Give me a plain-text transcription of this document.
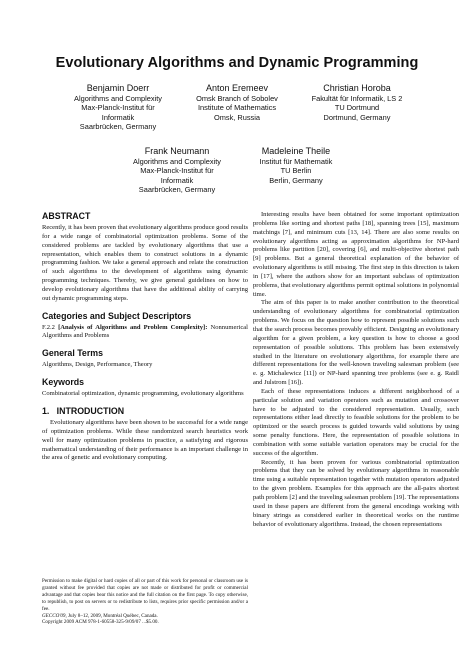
Evolutionary Algorithms and Dynamic Programming
Benjamin Doerr
Algorithms and Complexity
Max-Planck-Institut für
Informatik
Saarbrücken, Germany
Anton Eremeev
Omsk Branch of Sobolev
Institute of Mathematics
Omsk, Russia
Christian Horoba
Fakultät für Informatik, LS 2
TU Dortmund
Dortmund, Germany
Frank Neumann
Algorithms and Complexity
Max-Planck-Institut für
Informatik
Saarbrücken, Germany
Madeleine Theile
Institut für Mathematik
TU Berlin
Berlin, Germany
ABSTRACT

Recently, it has been proven that evolutionary algorithms produce good results for a wide range of combinatorial optimization problems. Some of the considered problems are tackled by evolutionary algorithms that use a representation, which enables them to construct solutions in a dynamic programming fashion. We take a general approach and relate the construction of such algorithms to the development of algorithms using dynamic programming techniques. Thereby, we give general guidelines on how to develop evolutionary algorithms that have the additional ability of carrying out dynamic programming steps.

Categories and Subject Descriptors

F.2.2 [Analysis of Algorithms and Problem Complexity]: Nonnumerical Algorithms and Problems

General Terms

Algorithms, Design, Performance, Theory

Keywords

Combinatorial optimization, dynamic programming, evolutionary algorithms

1.   INTRODUCTION

Evolutionary algorithms have been shown to be successful for a wide range of optimization problems. While these randomized search heuristics work well for many optimization problems in practice, a satisfying and rigorous mathematical understanding of their performance is an important challenge in the area of genetic and evolutionary computing.

Permission to make digital or hard copies of all or part of this work for personal or classroom use is granted without fee provided that copies are not made or distributed for profit or commercial advantage and that copies bear this notice and the full citation on the first page. To copy otherwise, to republish, to post on servers or to redistribute to lists, requires prior specific permission and/or a fee.
GECCO'09, July 8–12, 2009, Montréal Québec, Canada.
Copyright 2009 ACM 978-1-60558-325-9/09/07 ...$5.00.

Interesting results have been obtained for some important optimization problems like sorting and shortest paths [18], spanning trees [15], maximum matchings [7], and minimum cuts [13, 14]. There are also some results on evolutionary algorithms acting as approximation algorithms for NP-hard problems like partition [20], covering [6], and multi-objective shortest path [9] problems. But a general theoretical explanation of the behavior of evolutionary algorithms is still missing. The first step in this direction is taken in [17], where the authors show for an important subclass of optimization problems, that evolutionary algorithms permit optimal solutions in polynomial time.

The aim of this paper is to make another contribution to the theoretical understanding of evolutionary algorithms for combinatorial optimization problems. We focus on the question how to represent possible solutions such that the search process becomes provably efficient. Designing an evolutionary algorithm for a given problem, a key question is how to choose a good representation of possible solutions. This problem has been extensively studied in the literature on evolutionary algorithms, for example there are different representations for the well-known traveling salesman problem (see e. g. Michalewicz [11]) or NP-hard spanning tree problems (see e. g. Raidl and Julstrom [16]).

Each of these representations induces a different neighborhood of a particular solution and variation operators such as mutation and crossover have to be adjusted to the considered representation. Usually, such representations either lead directly to feasible solutions for the problem to be optimized or the search process is guided towards valid solutions by using some penalty functions. Here, the representation of possible solutions in combination with some suitable variation operators may be crucial for the success of the algorithm.

Recently, it has been proven for various combinatorial optimization problems that they can be solved by evolutionary algorithms in reasonable time using a suitable representation together with mutation operators adjusted to the given problem. Examples for this approach are the all-pairs shortest path problem [2] and the traveling salesman problem [19]. The representations used in these papers are different from the general encodings working with binary strings as considered earlier in theoretical works on the runtime behavior of evolutionary algorithms. Instead, the chosen representations
